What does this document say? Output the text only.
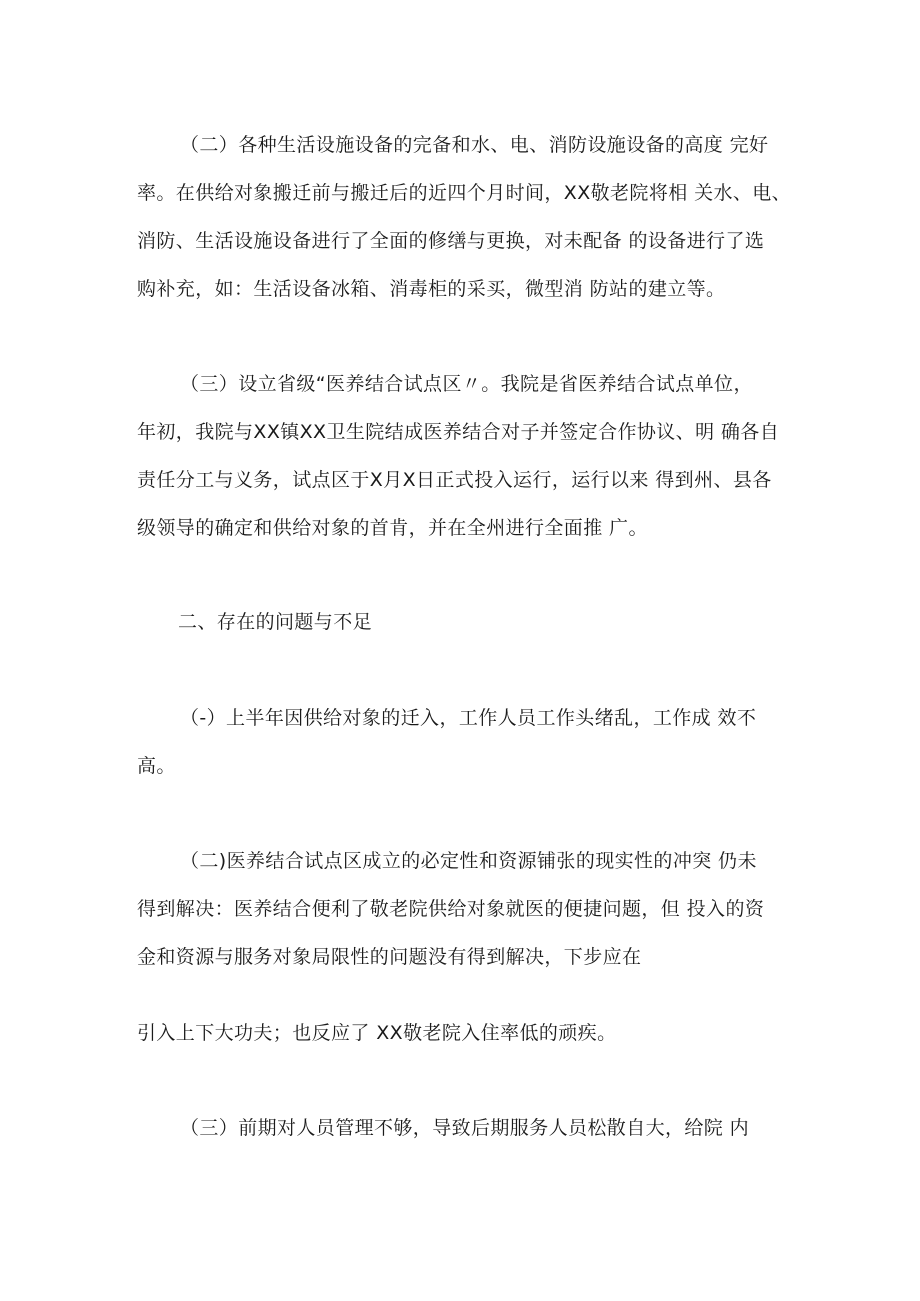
（二）各种生活设施设备的完备和水、电、消防设施设备的高度 完好
率。在供给对象搬迁前与搬迁后的近四个月时间，XX敬老院将相 关水、电、
消防、生活设施设备进行了全面的修缮与更换，对未配备 的设备进行了选
购补充，如：生活设备冰箱、消毒柜的采买，微型消 防站的建立等。
（三）设立省级“医养结合试点区〃。我院是省医养结合试点单位，
年初，我院与XX镇XX卫生院结成医养结合对子并签定合作协议、明 确各自
责任分工与义务，试点区于X月X日正式投入运行，运行以来 得到州、县各
级领导的确定和供给对象的首肯，并在全州进行全面推 广。
二、存在的问题与不足
（-）上半年因供给对象的迁入，工作人员工作头绪乱，工作成 效不
高。
（二)医养结合试点区成立的必定性和资源铺张的现实性的冲突 仍未
得到解决：医养结合便利了敬老院供给对象就医的便捷问题，但 投入的资
金和资源与服务对象局限性的问题没有得到解决，下步应在
引入上下大功夫；也反应了 XX敬老院入住率低的顽疾。
（三）前期对人员管理不够，导致后期服务人员松散自大，给院 内
